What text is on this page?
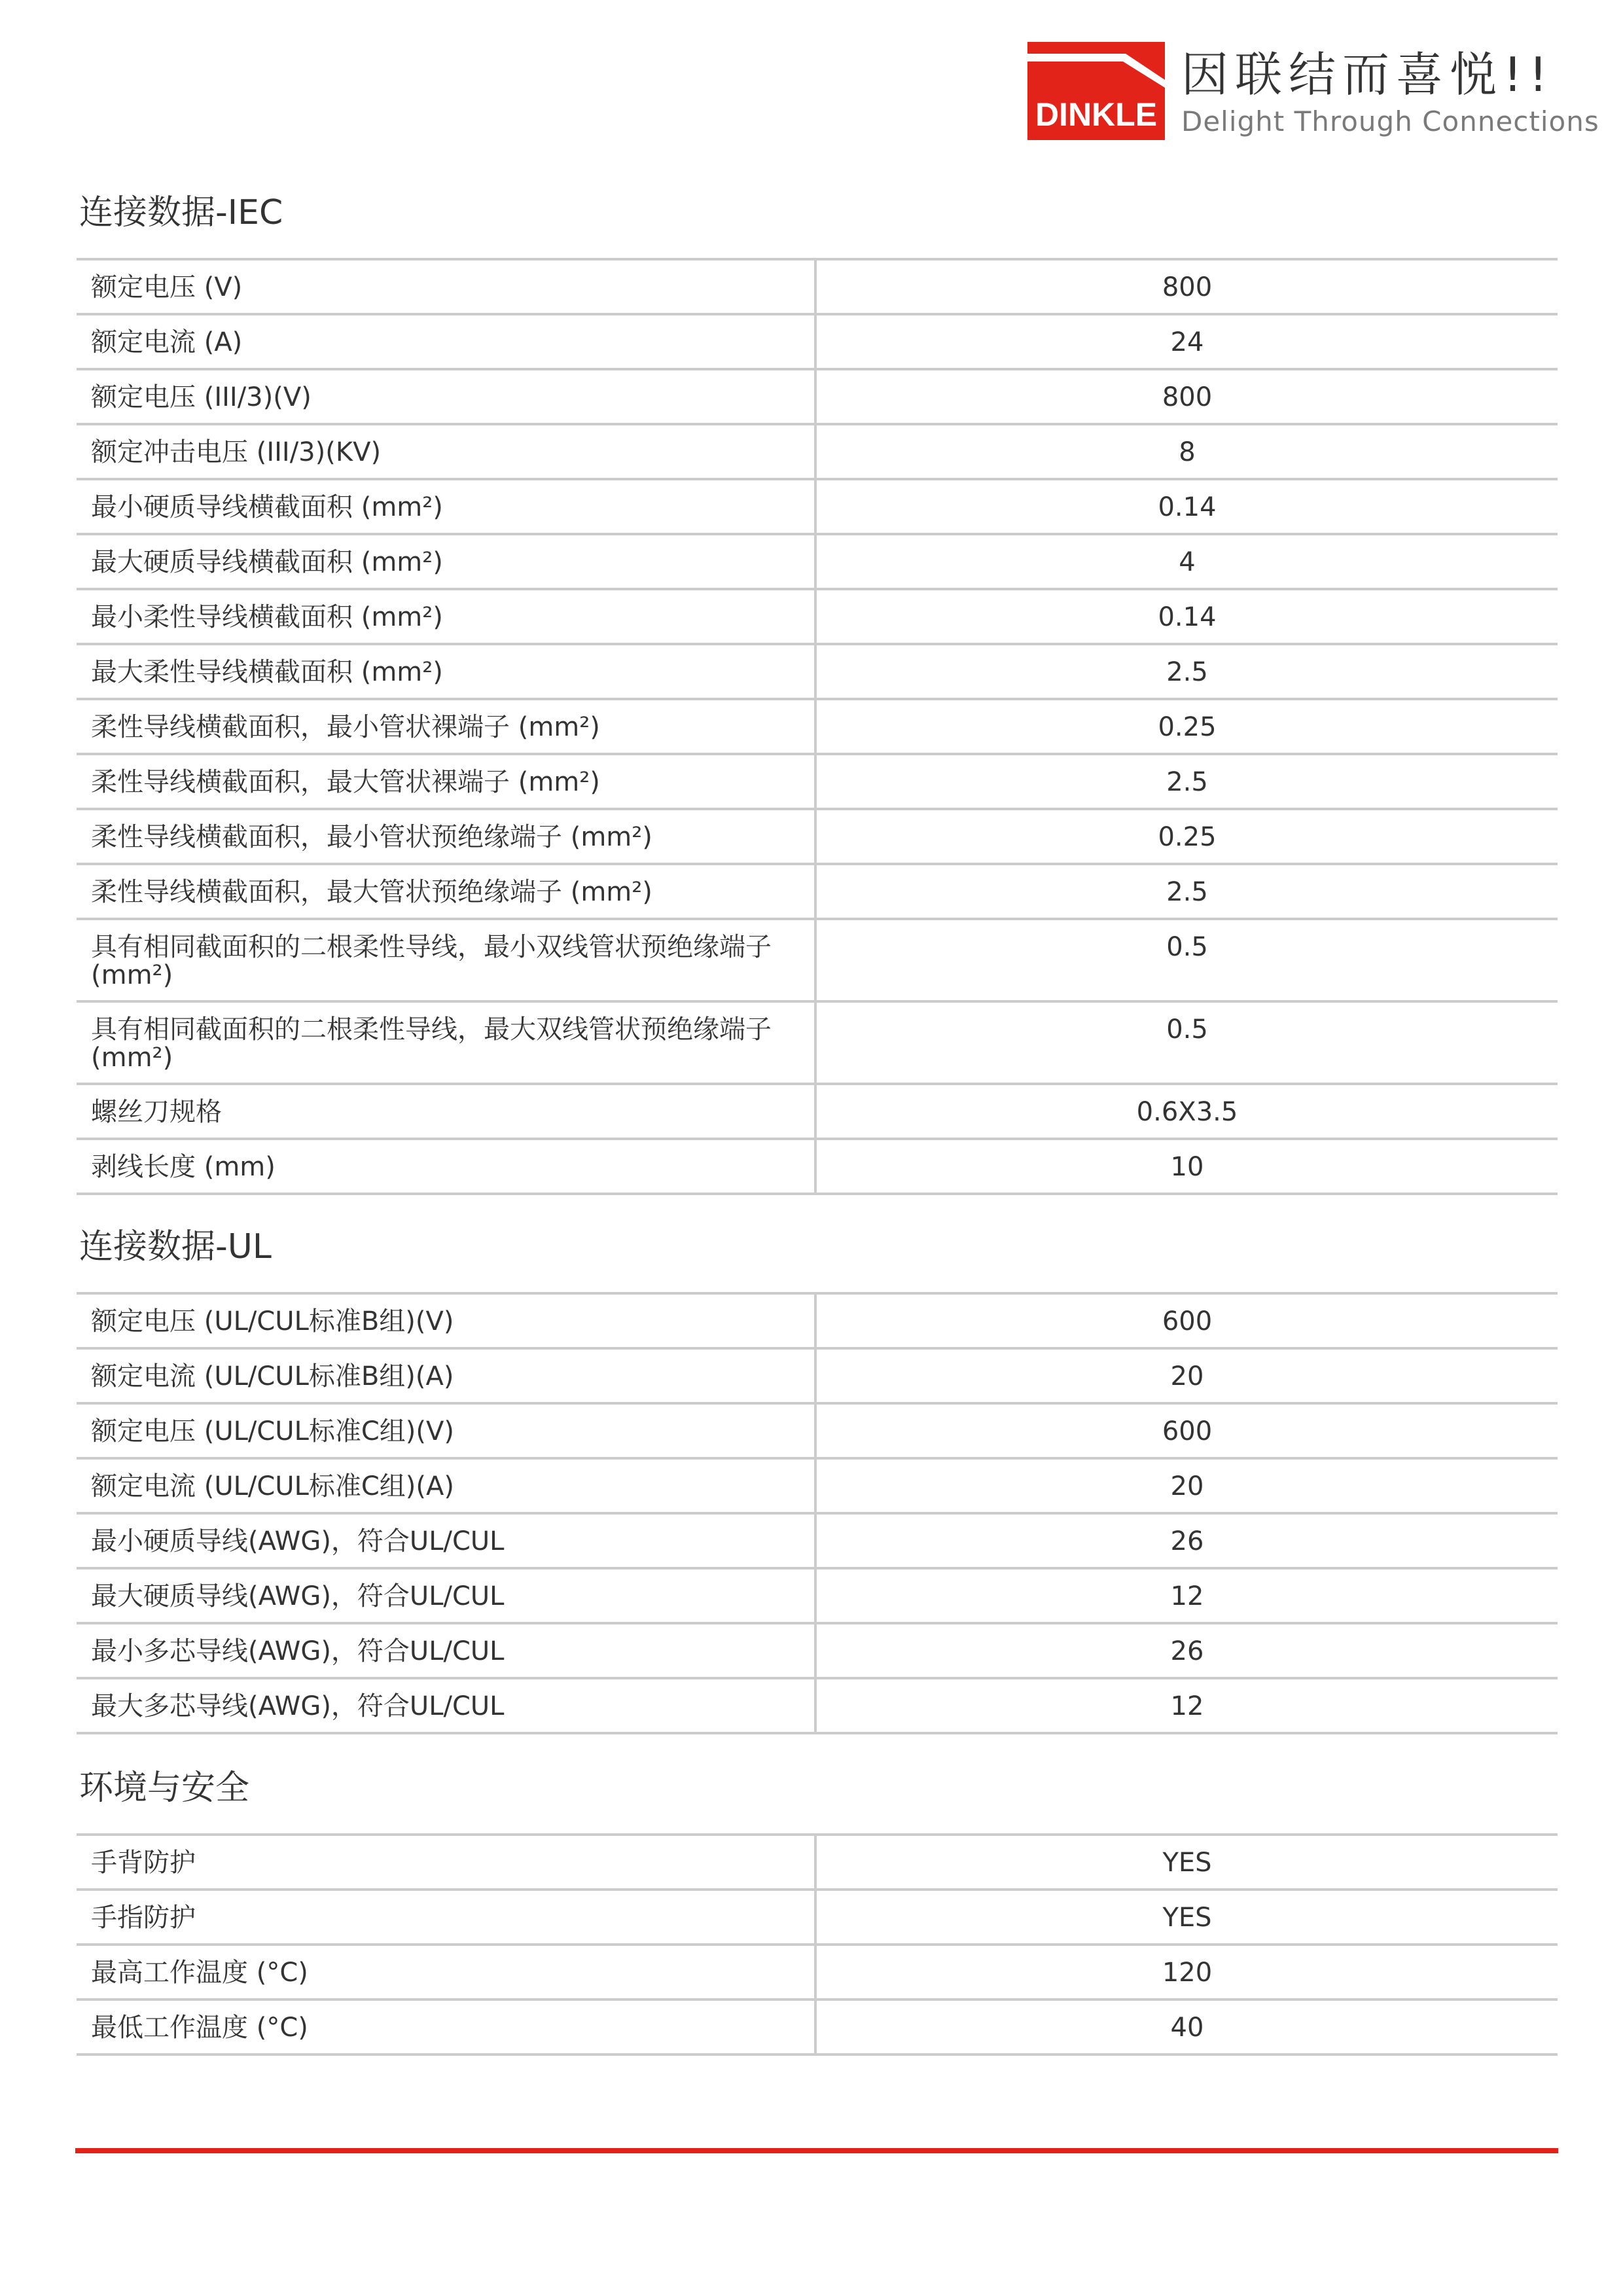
DINKLE
因联结而喜悦!!
Delight Through Connections
连接数据-IEC
额定电压 (V)	800
额定电流 (A)	24
额定电压 (III/3)(V)	800
额定冲击电压 (III/3)(KV)	8
最小硬质导线横截面积 (mm²)	0.14
最大硬质导线横截面积 (mm²)	4
最小柔性导线横截面积 (mm²)	0.14
最大柔性导线横截面积 (mm²)	2.5
柔性导线横截面积，最小管状裸端子 (mm²)	0.25
柔性导线横截面积，最大管状裸端子 (mm²)	2.5
柔性导线横截面积，最小管状预绝缘端子 (mm²)	0.25
柔性导线横截面积，最大管状预绝缘端子 (mm²)	2.5
具有相同截面积的二根柔性导线，最小双线管状预绝缘端子 (mm²)	0.5
具有相同截面积的二根柔性导线，最大双线管状预绝缘端子 (mm²)	0.5
螺丝刀规格	0.6X3.5
剥线长度 (mm)	10
连接数据-UL
额定电压 (UL/CUL标准B组)(V)	600
额定电流 (UL/CUL标准B组)(A)	20
额定电压 (UL/CUL标准C组)(V)	600
额定电流 (UL/CUL标准C组)(A)	20
最小硬质导线(AWG)，符合UL/CUL	26
最大硬质导线(AWG)，符合UL/CUL	12
最小多芯导线(AWG)，符合UL/CUL	26
最大多芯导线(AWG)，符合UL/CUL	12
环境与安全
手背防护	YES
手指防护	YES
最高工作温度 (°C)	120
最低工作温度 (°C)	40
